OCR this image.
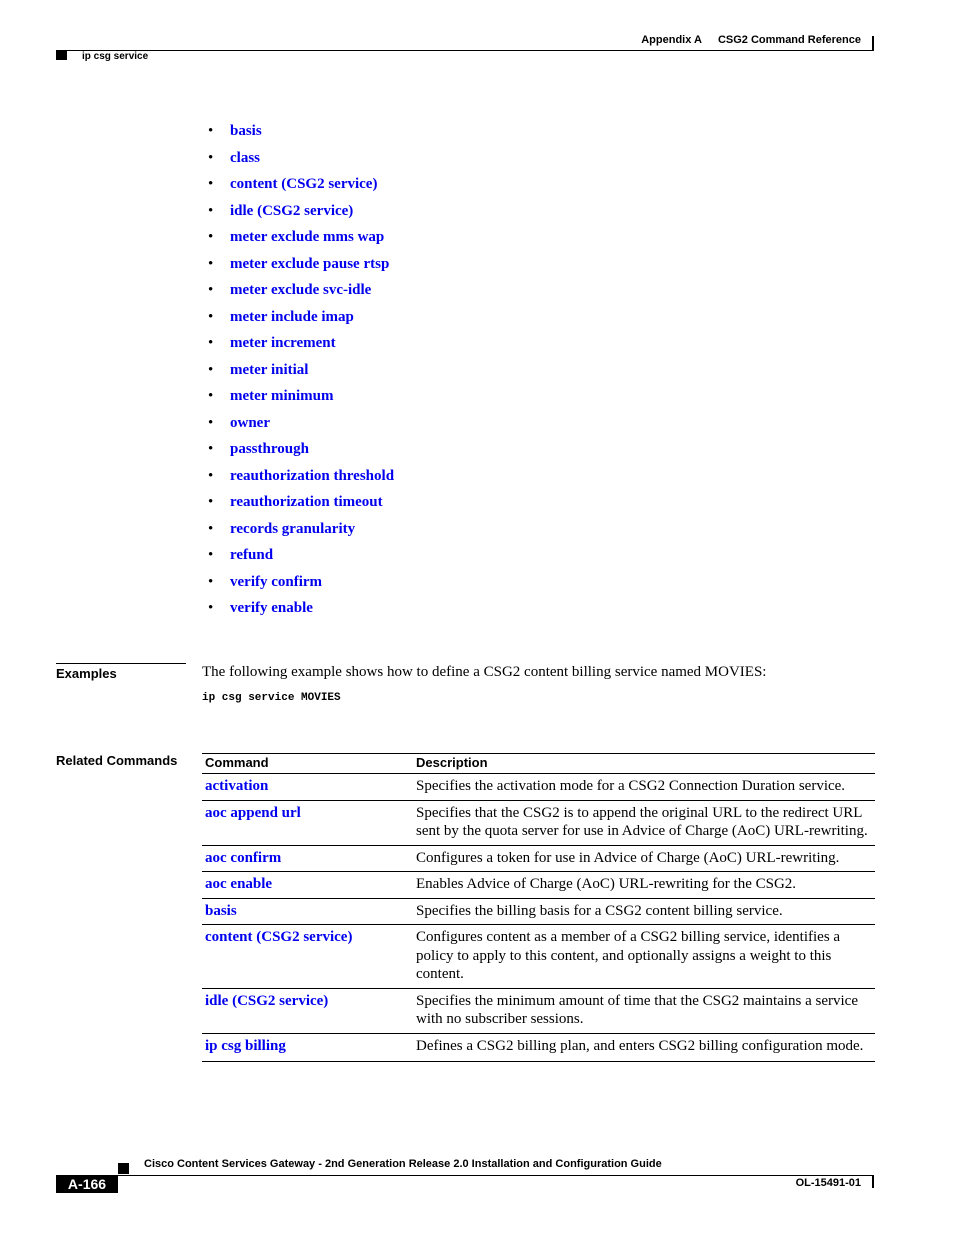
Appendix A CSG2 Command Reference
ip csg service
•	basis
•	class
•	content (CSG2 service)
•	idle (CSG2 service)
•	meter exclude mms wap
•	meter exclude pause rtsp
•	meter exclude svc-idle
•	meter include imap
•	meter increment
•	meter initial
•	meter minimum
•	owner
•	passthrough
•	reauthorization threshold
•	reauthorization timeout
•	records granularity
•	refund
•	verify confirm
•	verify enable
Examples	The following example shows how to define a CSG2 content billing service named MOVIES:
ip csg service MOVIES
Related Commands	Command	Description
activation	Specifies the activation mode for a CSG2 Connection Duration service.
aoc append url	Specifies that the CSG2 is to append the original URL to the redirect URL sent by the quota server for use in Advice of Charge (AoC) URL-rewriting.
aoc confirm	Configures a token for use in Advice of Charge (AoC) URL-rewriting.
aoc enable	Enables Advice of Charge (AoC) URL-rewriting for the CSG2.
basis	Specifies the billing basis for a CSG2 content billing service.
content (CSG2 service)	Configures content as a member of a CSG2 billing service, identifies a policy to apply to this content, and optionally assigns a weight to this content.
idle (CSG2 service)	Specifies the minimum amount of time that the CSG2 maintains a service with no subscriber sessions.
ip csg billing	Defines a CSG2 billing plan, and enters CSG2 billing configuration mode.
Cisco Content Services Gateway - 2nd Generation Release 2.0 Installation and Configuration Guide
A-166	OL-15491-01
